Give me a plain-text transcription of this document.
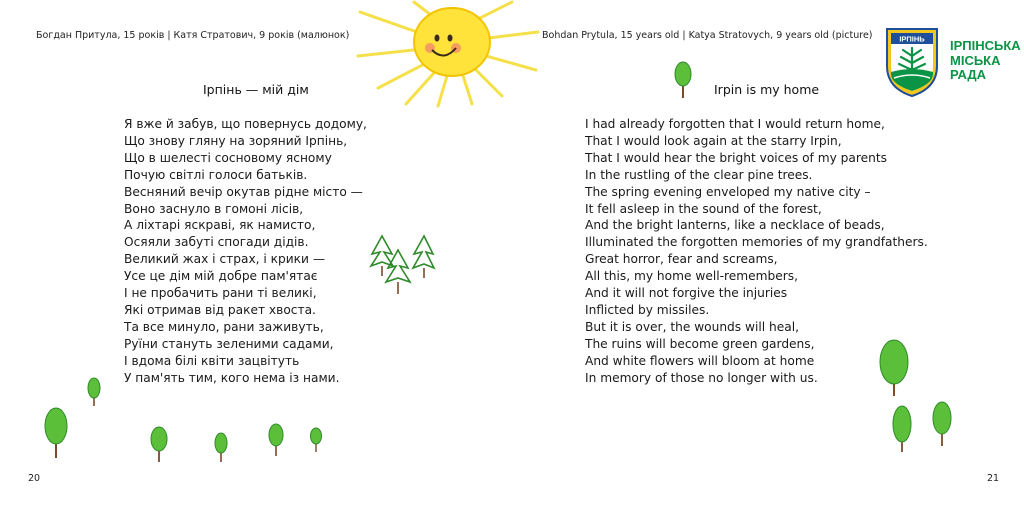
Богдан Притула, 15 років | Катя Стратович, 9 років (малюнок)
Ірпінь — мій дім
Я вже й забув, що повернусь додому,
Що знову гляну на зоряний Ірпінь,
Що в шелесті сосновому ясному
Почую світлі голоси батьків.
Весняний вечір окутав рідне місто —
Воно заснуло в гомоні лісів,
А ліхтарі яскраві, як намисто,
Осяяли забуті спогади дідів.
Великий жах і страх, і крики —
Усе це дім мій добре пам'ятає
І не пробачить рани ті великі,
Які отримав від ракет хвоста.
Та все минуло, рани заживуть,
Руїни стануть зеленими садами,
І вдома білі квіти зацвітуть
У пам'ять тим, кого нема із нами.
20
Bohdan Prytula, 15 years old | Katya Stratovych, 9 years old (picture)
Irpin is my home
I had already forgotten that I would return home,
That I would look again at the starry Irpin,
That I would hear the bright voices of my parents
In the rustling of the clear pine trees.
The spring evening enveloped my native city –
It fell asleep in the sound of the forest,
And the bright lanterns, like a necklace of beads,
Illuminated the forgotten memories of my grandfathers.
Great horror, fear and screams,
All this, my home well-remembers,
And it will not forgive the injuries
Inflicted by missiles.
But it is over, the wounds will heal,
The ruins will become green gardens,
And white flowers will bloom at home
In memory of those no longer with us.
21
ІРПІНЬ ІРПІНСЬКА
МІСЬКА
РАДА
